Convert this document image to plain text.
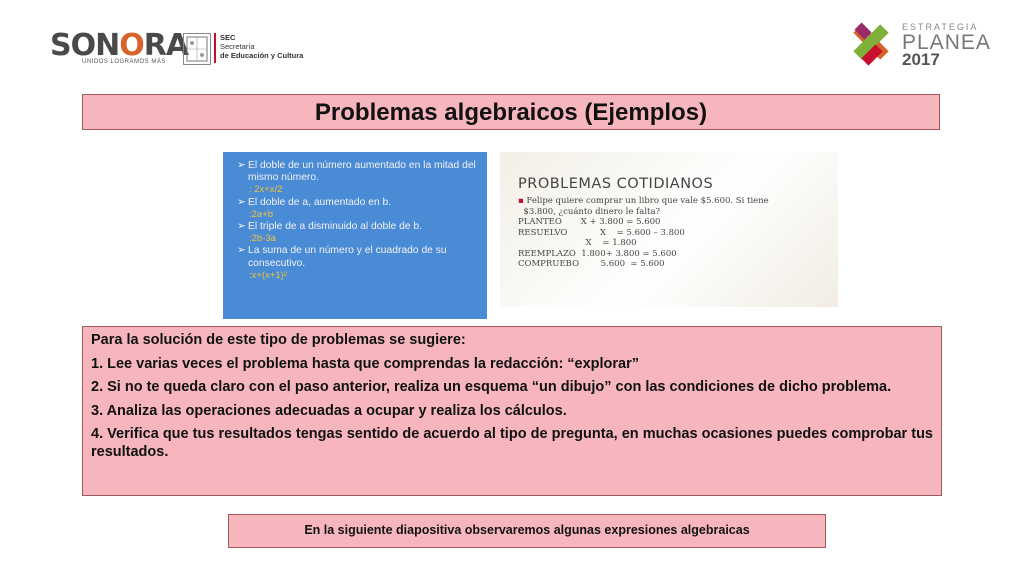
SONORA
UNIDOS LOGRAMOS MÁS
SEC
Secretaría
de Educación y Cultura
ESTRATEGIA
PLANEA
2017
Problemas algebraicos (Ejemplos)
➢ El doble de un número aumentado en la mitad del mismo número.
: 2x+x/2
➢ El doble de a, aumentado en b.
:2a+b
➢ El triple de a disminuido al doble de b.
:2b-3a
➢ La suma de un número y el cuadrado de su consecutivo.
:x+(x+1)²
PROBLEMAS COTIDIANOS
▪ Felipe quiere comprar un libro que vale $5.600. Si tiene
$3.800, ¿cuánto dinero le falta?
PLANTEO       X + 3.800 = 5.600
RESUELVO            X    = 5.600 – 3.800
X    = 1.800
REEMPLAZO  1.800+ 3.800 = 5.600
COMPRUEBO        5.600  = 5.600

Para la solución de este tipo de problemas se sugiere:

1. Lee varias veces el problema hasta que comprendas la redacción: “explorar”

2. Si no te queda claro con el paso anterior, realiza un esquema “un dibujo” con las condiciones de dicho problema.

3. Analiza las operaciones adecuadas a ocupar y realiza los cálculos.

4. Verifica que tus resultados tengas sentido de acuerdo al tipo de pregunta, en muchas ocasiones puedes comprobar tus resultados.

En la siguiente diapositiva observaremos algunas expresiones algebraicas
